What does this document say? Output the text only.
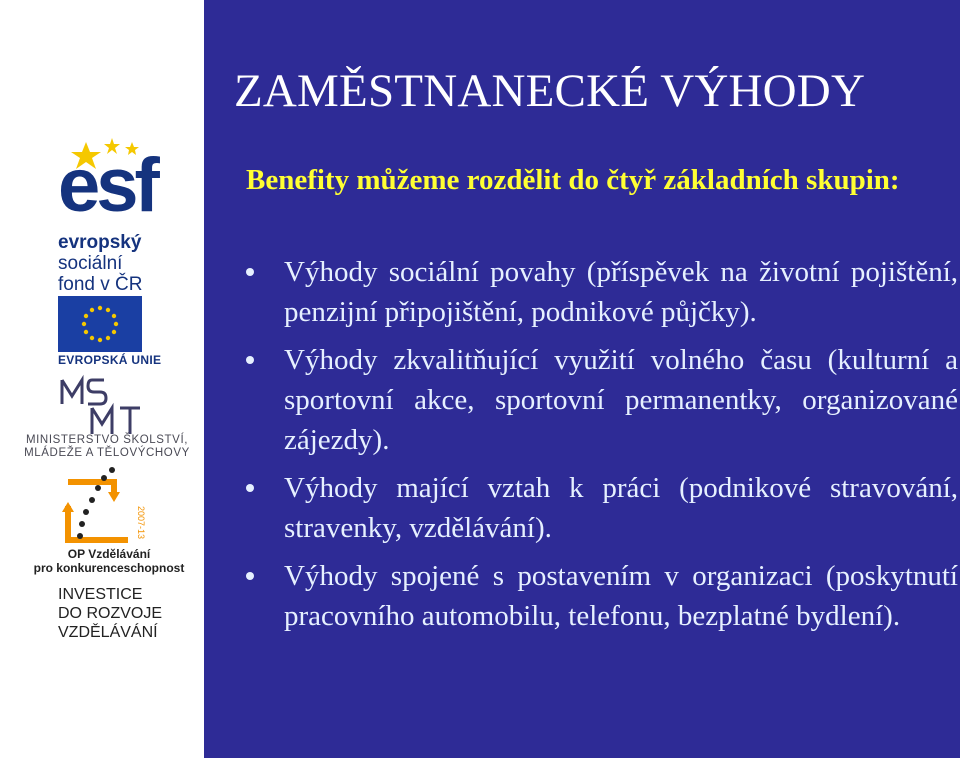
esf
evropský
sociální
fond v ČR
EVROPSKÁ UNIE
MINISTERSTVO ŠKOLSTVÍ,
MLÁDEŽE A TĚLOVÝCHOVY
2007-13
OP Vzdělávání
pro konkurenceschopnost
INVESTICE
DO ROZVOJE
VZDĚLÁVÁNÍ
ZAMĚSTNANECKÉ VÝHODY
Benefity můžeme rozdělit do čtyř základních skupin:
Výhody sociální povahy (příspěvek na životní pojištění, penzijní připojištění, podnikové půjčky).
Výhody zkvalitňující využití volného času (kulturní a sportovní akce, sportovní permanentky, organizované zájezdy).
Výhody mající vztah k práci (podnikové stravování, stravenky, vzdělávání).
Výhody spojené s postavením v organizaci (poskytnutí pracovního automobilu, telefonu, bezplatné bydlení).
